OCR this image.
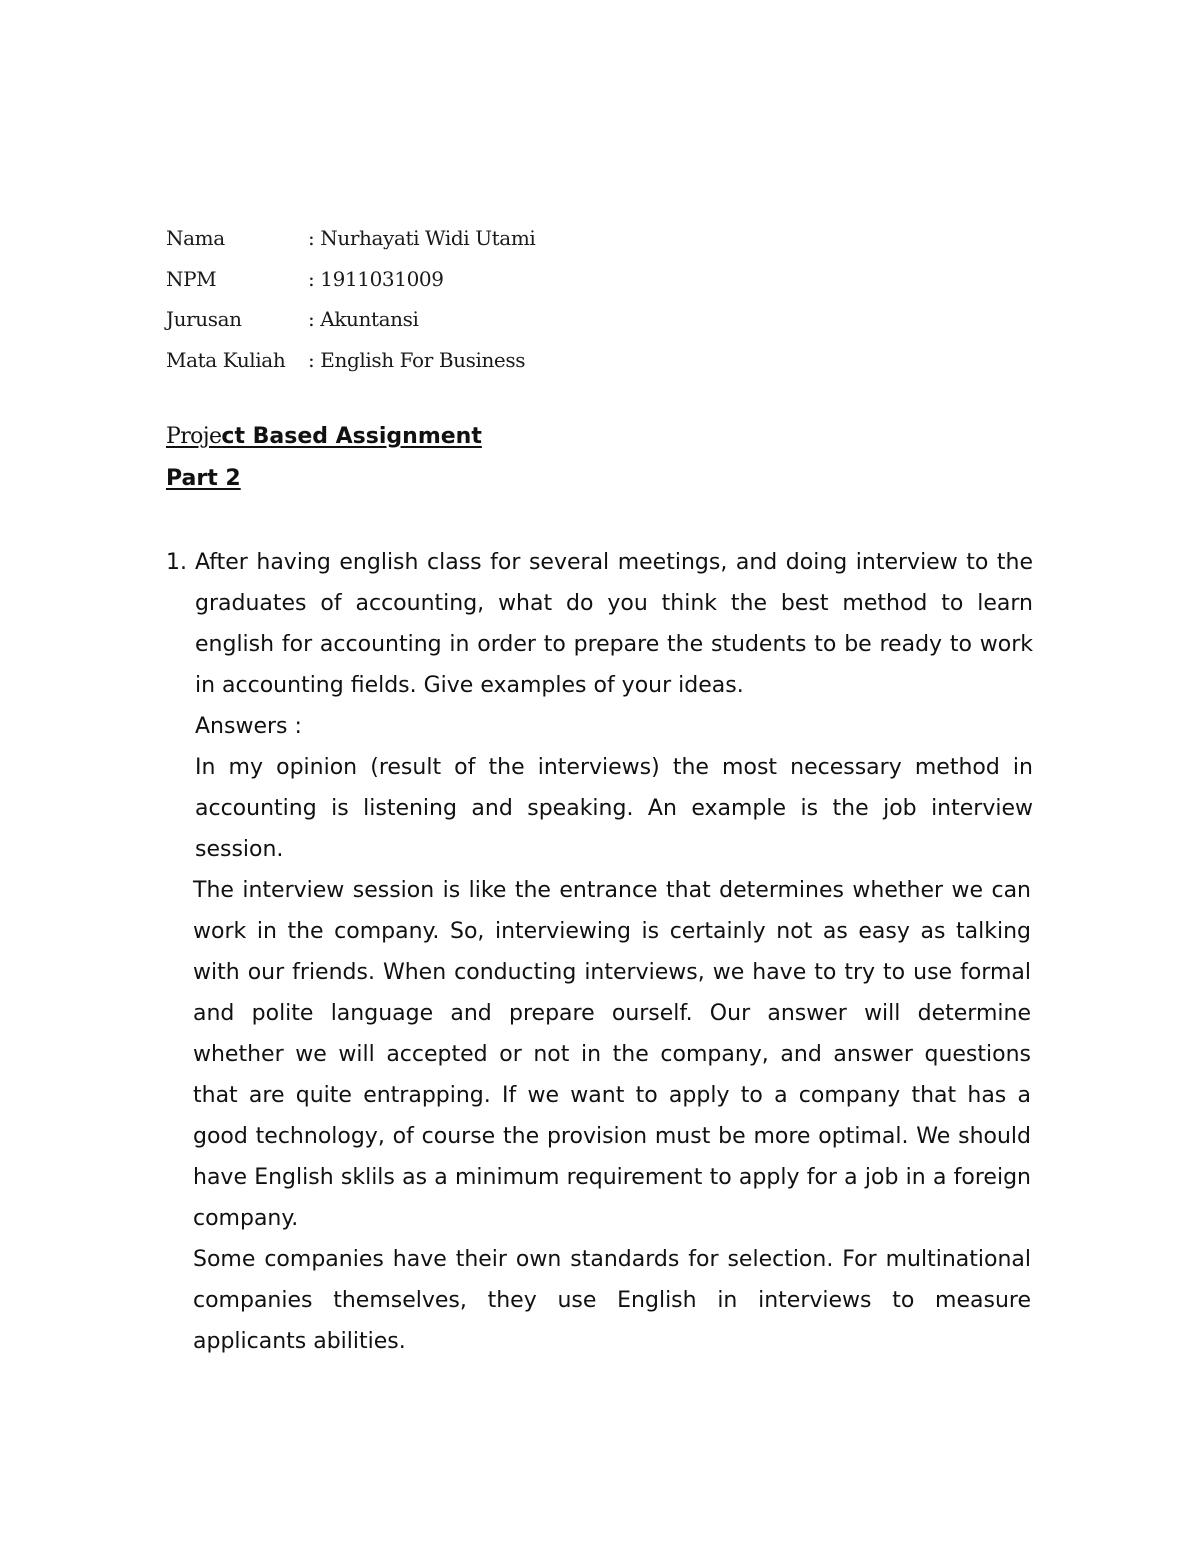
Nama	: Nurhayati Widi Utami
NPM	: 1911031009
Jurusan	: Akuntansi
Mata Kuliah : English For Business
Project Based Assignment
Part 2
1. After having english class for several meetings, and doing interview to the graduates of accounting, what do you think the best method to learn english for accounting in order to prepare the students to be ready to work in accounting fields. Give examples of your ideas.

Answers :

In my opinion (result of the interviews) the most necessary method in accounting is listening and speaking. An example is the job interview session.

The interview session is like the entrance that determines whether we can work in the company. So, interviewing is certainly not as easy as talking with our friends. When conducting interviews, we have to try to use formal and polite language and prepare ourself. Our answer will determine whether we will accepted or not in the company, and answer questions that are quite entrapping. If we want to apply to a company that has a good technology, of course the provision must be more optimal. We should have English sklils as a minimum requirement to apply for a job in a foreign company.

Some companies have their own standards for selection. For multinational companies themselves, they use English in interviews to measure applicants abilities.
